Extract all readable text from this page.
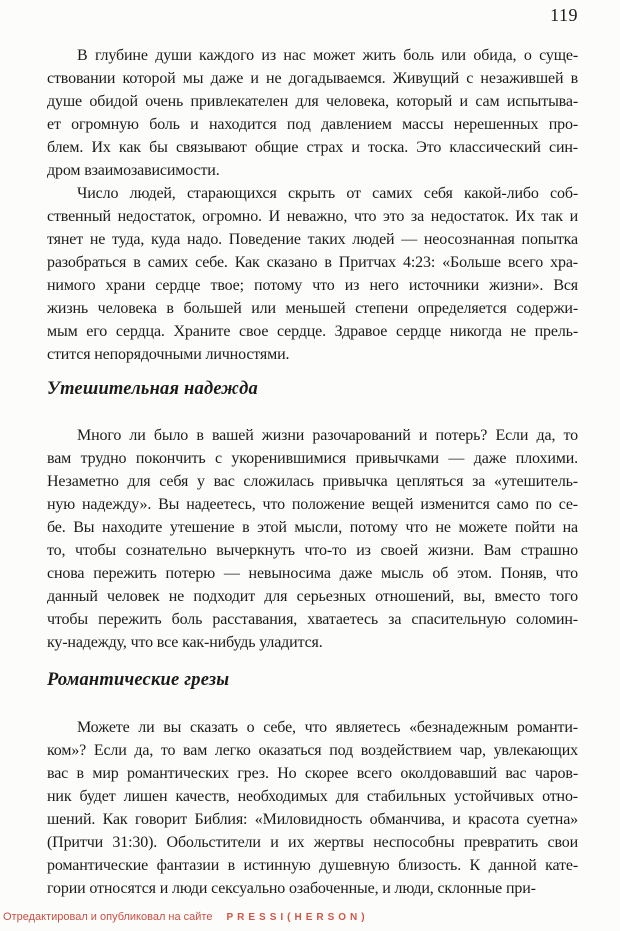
119
В глубине души каждого из нас может жить боль или обида, о суще-
ствовании которой мы даже и не догадываемся. Живущий с незажившей в
душе обидой очень привлекателен для человека, который и сам испытыва-
ет огромную боль и находится под давлением массы нерешенных про-
блем. Их как бы связывают общие страх и тоска. Это классический син-
дром взаимозависимости.
Число людей, старающихся скрыть от самих себя какой-либо соб-
ственный недостаток, огромно. И неважно, что это за недостаток. Их так и
тянет не туда, куда надо. Поведение таких людей — неосознанная попытка
разобраться в самих себе. Как сказано в Притчах 4:23: «Больше всего хра-
нимого храни сердце твое; потому что из него источники жизни». Вся
жизнь человека в большей или меньшей степени определяется содержи-
мым его сердца. Храните свое сердце. Здравое сердце никогда не прель-
стится непорядочными личностями.
Утешительная надежда
Много ли было в вашей жизни разочарований и потерь? Если да, то
вам трудно покончить с укоренившимися привычками — даже плохими.
Незаметно для себя у вас сложилась привычка цепляться за «утешитель-
ную надежду». Вы надеетесь, что положение вещей изменится само по се-
бе. Вы находите утешение в этой мысли, потому что не можете пойти на
то, чтобы сознательно вычеркнуть что-то из своей жизни. Вам страшно
снова пережить потерю — невыносима даже мысль об этом. Поняв, что
данный человек не подходит для серьезных отношений, вы, вместо того
чтобы пережить боль расставания, хватаетесь за спасительную соломин-
ку-надежду, что все как-нибудь уладится.
Романтические грезы
Можете ли вы сказать о себе, что являетесь «безнадежным романти-
ком»? Если да, то вам легко оказаться под воздействием чар, увлекающих
вас в мир романтических грез. Но скорее всего околдовавший вас чаров-
ник будет лишен качеств, необходимых для стабильных устойчивых отно-
шений. Как говорит Библия: «Миловидность обманчива, и красота суетна»
(Притчи 31:30). Обольстители и их жертвы неспособны превратить свои
романтические фантазии в истинную душевную близость. К данной кате-
гории относятся и люди сексуально озабоченные, и люди, склонные при-
Отредактировал и опубликовал на сайте PRESSI(HERSON)
